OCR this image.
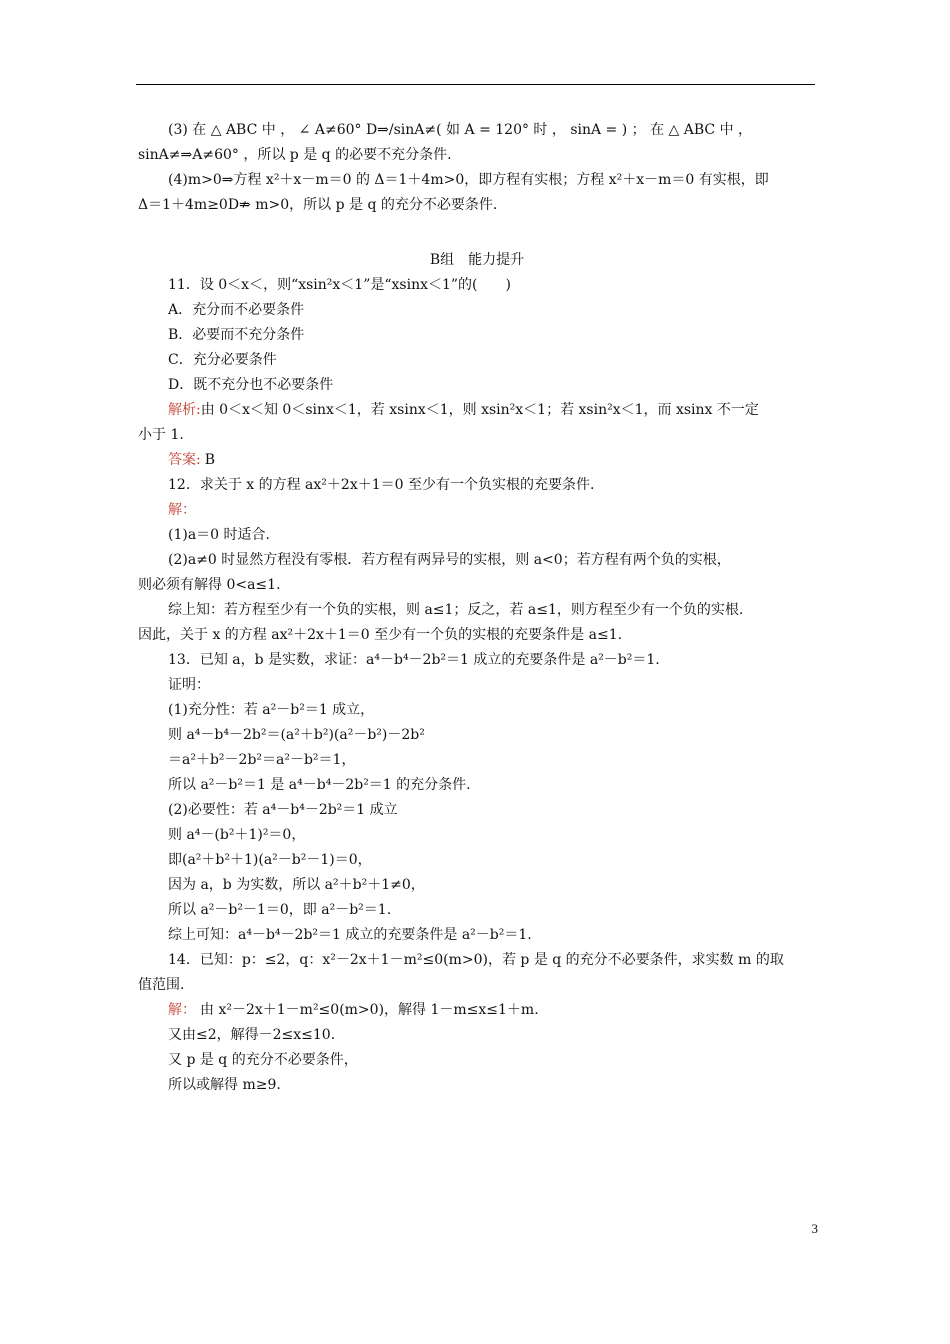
(3) 在 △ ABC 中 ， ∠ A≠60° D⇒/sinA≠( 如 A = 120° 时 ， sinA = ) ； 在 △ ABC 中 ，
sinA≠⇒A≠60° ，所以 p 是 q 的必要不充分条件.
(4)m>0⇒方程 x²＋x－m＝0 的 Δ＝1＋4m>0，即方程有实根；方程 x²＋x－m＝0 有实根，即
Δ＝1＋4m≥0D⇏ m>0，所以 p 是 q 的充分不必要条件.
B组　能力提升
11．设 0＜x＜，则“xsin²x＜1”是“xsinx＜1”的(　　)
A．充分而不必要条件
B．必要而不充分条件
C．充分必要条件
D．既不充分也不必要条件
解析:由 0＜x＜知 0＜sinx＜1，若 xsinx＜1，则 xsin²x＜1；若 xsin²x＜1，而 xsinx 不一定
小于 1.
答案: B
12．求关于 x 的方程 ax²＋2x＋1＝0 至少有一个负实根的充要条件.
解：
(1)a＝0 时适合.
(2)a≠0 时显然方程没有零根．若方程有两异号的实根，则 a<0；若方程有两个负的实根，
则必须有解得 0<a≤1.
综上知：若方程至少有一个负的实根，则 a≤1；反之，若 a≤1，则方程至少有一个负的实根.
因此，关于 x 的方程 ax²＋2x＋1＝0 至少有一个负的实根的充要条件是 a≤1.
13．已知 a，b 是实数，求证：a⁴－b⁴－2b²＝1 成立的充要条件是 a²－b²＝1.
证明：
(1)充分性：若 a²－b²＝1 成立，
则 a⁴－b⁴－2b²＝(a²＋b²)(a²－b²)－2b²
＝a²＋b²－2b²＝a²－b²＝1，
所以 a²－b²＝1 是 a⁴－b⁴－2b²＝1 的充分条件.
(2)必要性：若 a⁴－b⁴－2b²＝1 成立
则 a⁴－(b²＋1)²＝0，
即(a²＋b²＋1)(a²－b²－1)＝0，
因为 a，b 为实数，所以 a²＋b²＋1≠0，
所以 a²－b²－1＝0，即 a²－b²＝1.
综上可知：a⁴－b⁴－2b²＝1 成立的充要条件是 a²－b²＝1.
14．已知：p：≤2，q：x²－2x＋1－m²≤0(m>0)，若 p 是 q 的充分不必要条件，求实数 m 的取
值范围.
解： 由 x²－2x＋1－m²≤0(m>0)，解得 1－m≤x≤1＋m.
又由≤2，解得－2≤x≤10.
又 p 是 q 的充分不必要条件，
所以或解得 m≥9.
3
